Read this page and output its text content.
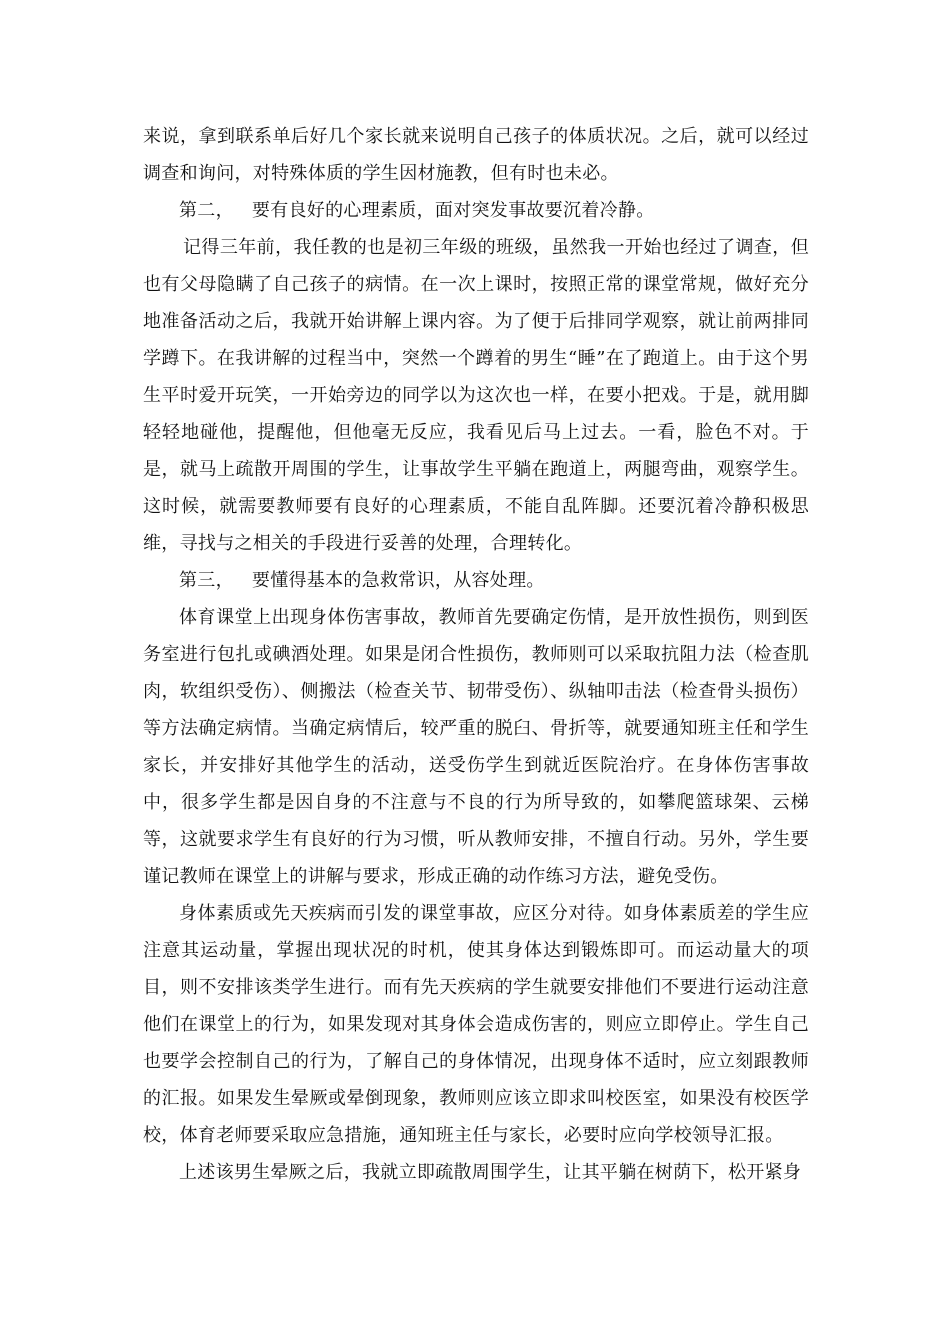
来说，拿到联系单后好几个家长就来说明自己孩子的体质状况。之后，就可以经过调查和询问，对特殊体质的学生因材施教，但有时也未必。

第二， 要有良好的心理素质，面对突发事故要沉着冷静。

记得三年前，我任教的也是初三年级的班级，虽然我一开始也经过了调查，但也有父母隐瞒了自己孩子的病情。在一次上课时，按照正常的课堂常规，做好充分地准备活动之后，我就开始讲解上课内容。为了便于后排同学观察，就让前两排同学蹲下。在我讲解的过程当中，突然一个蹲着的男生“睡”在了跑道上。由于这个男生平时爱开玩笑，一开始旁边的同学以为这次也一样，在要小把戏。于是，就用脚轻轻地碰他，提醒他，但他毫无反应，我看见后马上过去。一看，脸色不对。于是，就马上疏散开周围的学生，让事故学生平躺在跑道上，两腿弯曲，观察学生。这时候，就需要教师要有良好的心理素质，不能自乱阵脚。还要沉着冷静积极思维，寻找与之相关的手段进行妥善的处理，合理转化。

第三， 要懂得基本的急救常识，从容处理。

体育课堂上出现身体伤害事故，教师首先要确定伤情，是开放性损伤，则到医务室进行包扎或碘酒处理。如果是闭合性损伤，教师则可以采取抗阻力法（检查肌肉，软组织受伤）、侧搬法（检查关节、韧带受伤）、纵轴叩击法（检查骨头损伤）等方法确定病情。当确定病情后，较严重的脱臼、骨折等，就要通知班主任和学生家长，并安排好其他学生的活动，送受伤学生到就近医院治疗。在身体伤害事故中，很多学生都是因自身的不注意与不良的行为所导致的，如攀爬篮球架、云梯等，这就要求学生有良好的行为习惯，听从教师安排，不擅自行动。另外，学生要谨记教师在课堂上的讲解与要求，形成正确的动作练习方法，避免受伤。

身体素质或先天疾病而引发的课堂事故，应区分对待。如身体素质差的学生应注意其运动量，掌握出现状况的时机，使其身体达到锻炼即可。而运动量大的项目，则不安排该类学生进行。而有先天疾病的学生就要安排他们不要进行运动注意他们在课堂上的行为，如果发现对其身体会造成伤害的，则应立即停止。学生自己也要学会控制自己的行为，了解自己的身体情况，出现身体不适时，应立刻跟教师的汇报。如果发生晕厥或晕倒现象，教师则应该立即求叫校医室，如果没有校医学校，体育老师要采取应急措施，通知班主任与家长，必要时应向学校领导汇报。

上述该男生晕厥之后，我就立即疏散周围学生，让其平躺在树荫下，松开紧身
